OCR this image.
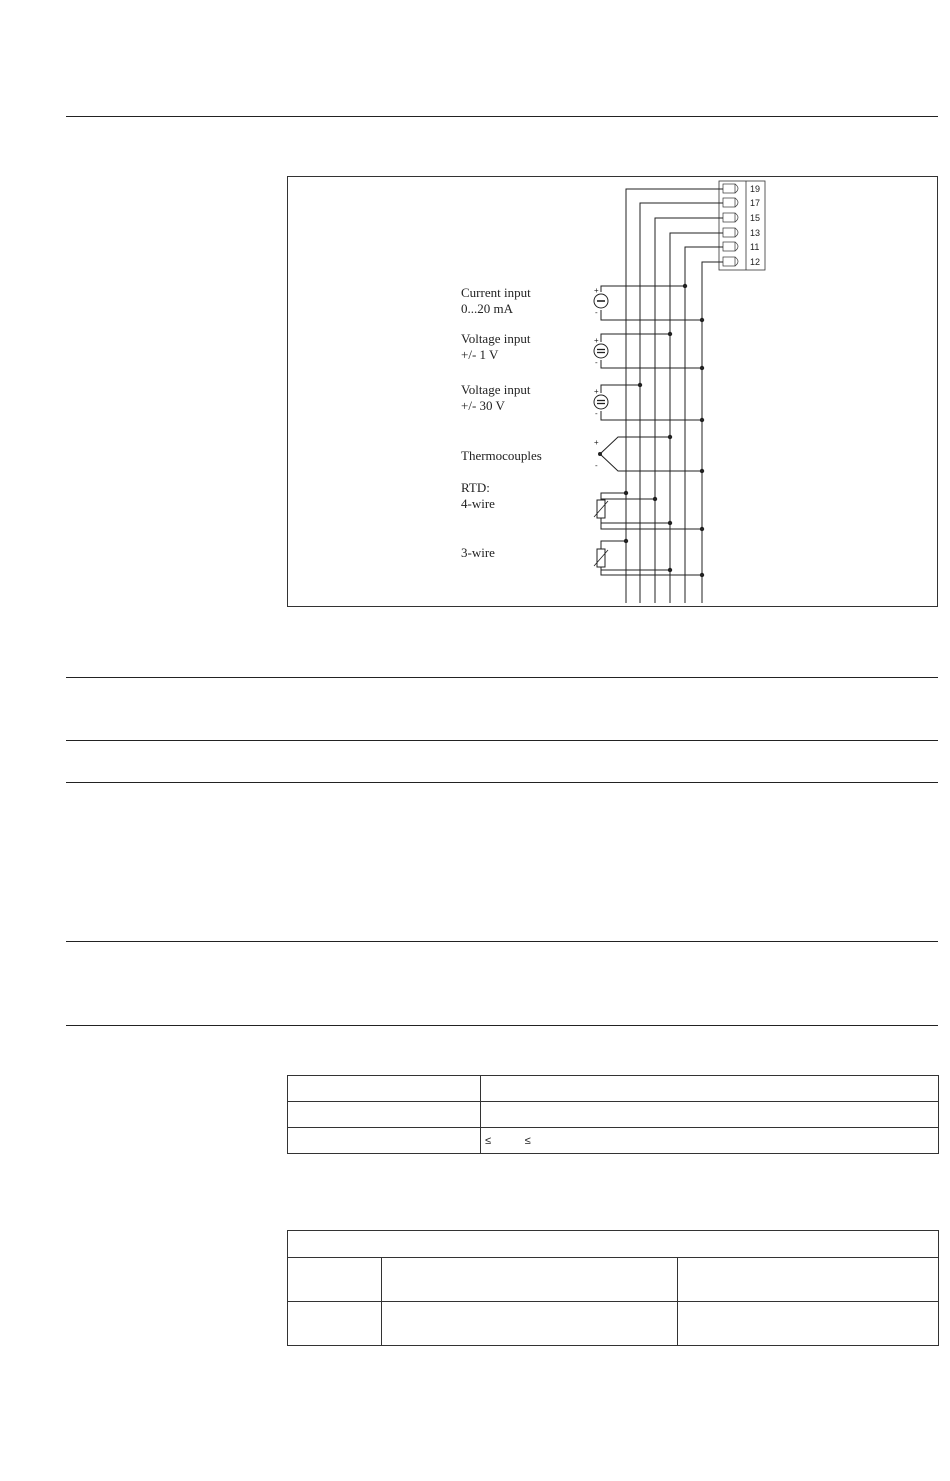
19
17
15
13
11
12
+
-
+
-
+
-
+
-
Current input
0...20 mA
Voltage input
+/- 1 V
Voltage input
+/- 30 V
Thermocouples
RTD:
4-wire
3-wire

	≤           ≤
